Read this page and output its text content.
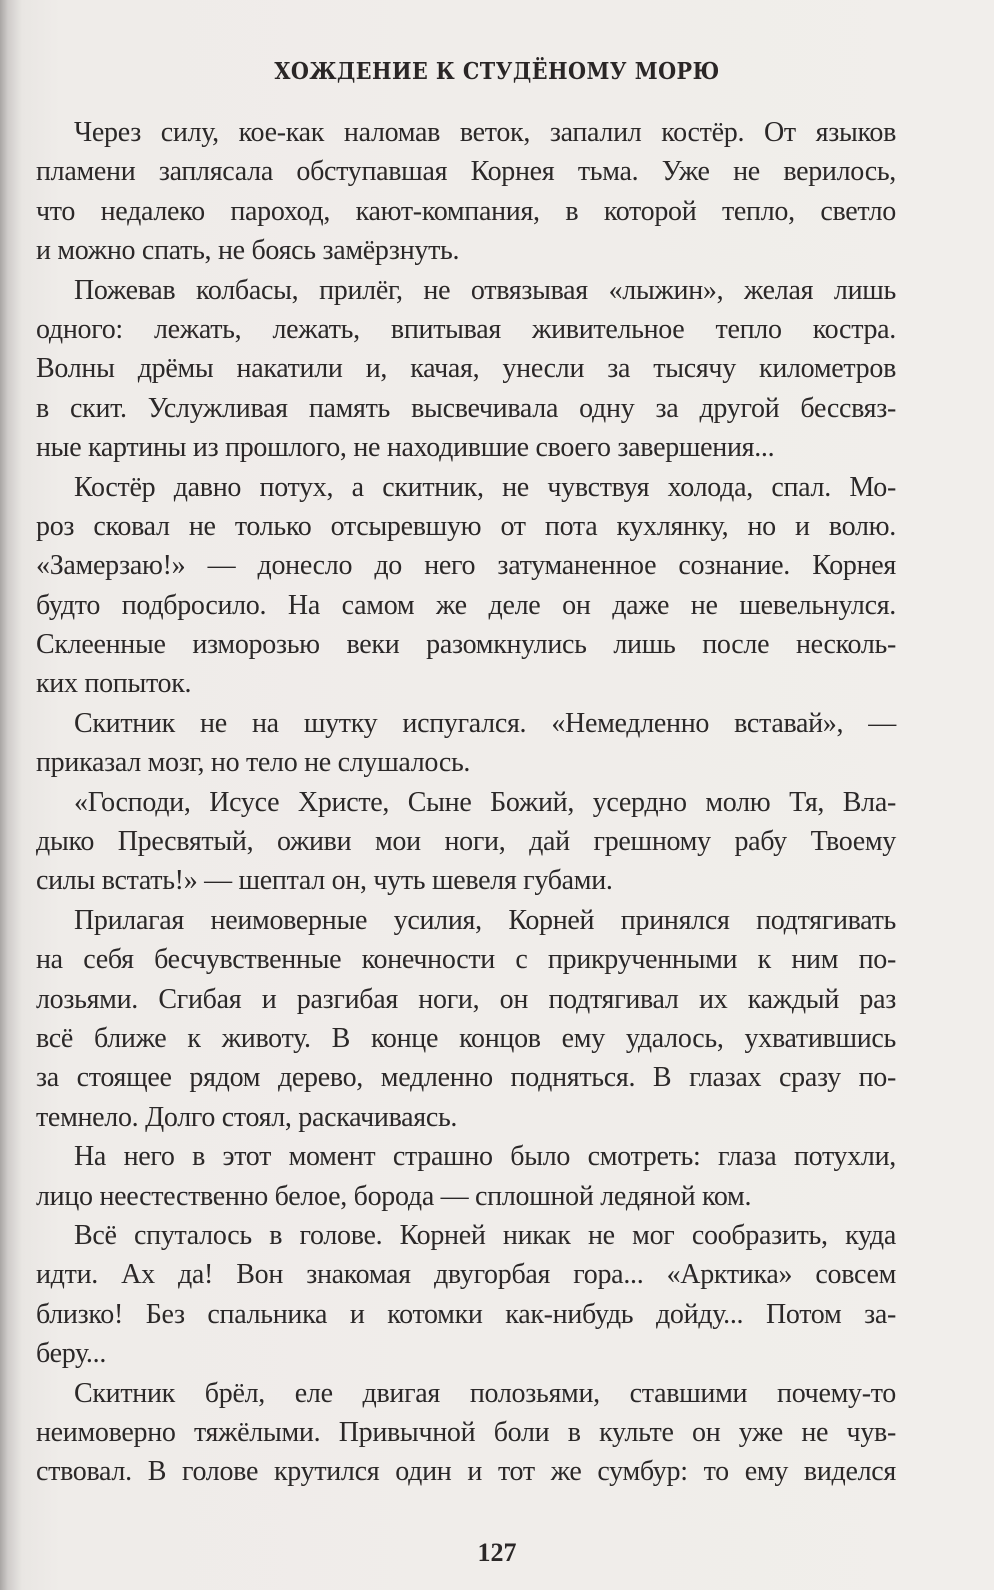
ХОЖДЕНИЕ К СТУДЁНОМУ МОРЮ
Через силу, кое-как наломав веток, запалил костёр. От языков
пламени заплясала обступавшая Корнея тьма. Уже не верилось,
что недалеко пароход, кают-компания, в которой тепло, светло
и можно спать, не боясь замёрзнуть.
Пожевав колбасы, прилёг, не отвязывая «лыжин», желая лишь
одного: лежать, лежать, впитывая живительное тепло костра.
Волны дрёмы накатили и, качая, унесли за тысячу километров
в скит. Услужливая память высвечивала одну за другой бессвяз-
ные картины из прошлого, не находившие своего завершения...
Костёр давно потух, а скитник, не чувствуя холода, спал. Мо-
роз сковал не только отсыревшую от пота кухлянку, но и волю.
«Замерзаю!» — донесло до него затуманенное сознание. Корнея
будто подбросило. На самом же деле он даже не шевельнулся.
Склеенные изморозью веки разомкнулись лишь после несколь-
ких попыток.
Скитник не на шутку испугался. «Немедленно вставай», —
приказал мозг, но тело не слушалось.
«Господи, Исусе Христе, Сыне Божий, усердно молю Тя, Вла-
дыко Пресвятый, оживи мои ноги, дай грешному рабу Твоему
силы встать!» — шептал он, чуть шевеля губами.
Прилагая неимоверные усилия, Корней принялся подтягивать
на себя бесчувственные конечности с прикрученными к ним по-
лозьями. Сгибая и разгибая ноги, он подтягивал их каждый раз
всё ближе к животу. В конце концов ему удалось, ухватившись
за стоящее рядом дерево, медленно подняться. В глазах сразу по-
темнело. Долго стоял, раскачиваясь.
На него в этот момент страшно было смотреть: глаза потухли,
лицо неестественно белое, борода — сплошной ледяной ком.
Всё спуталось в голове. Корней никак не мог сообразить, куда
идти. Ах да! Вон знакомая двугорбая гора... «Арктика» совсем
близко! Без спальника и котомки как-нибудь дойду... Потом за-
беру...
Скитник брёл, еле двигая полозьями, ставшими почему-то
неимоверно тяжёлыми. Привычной боли в культе он уже не чув-
ствовал. В голове крутился один и тот же сумбур: то ему виделся
127
